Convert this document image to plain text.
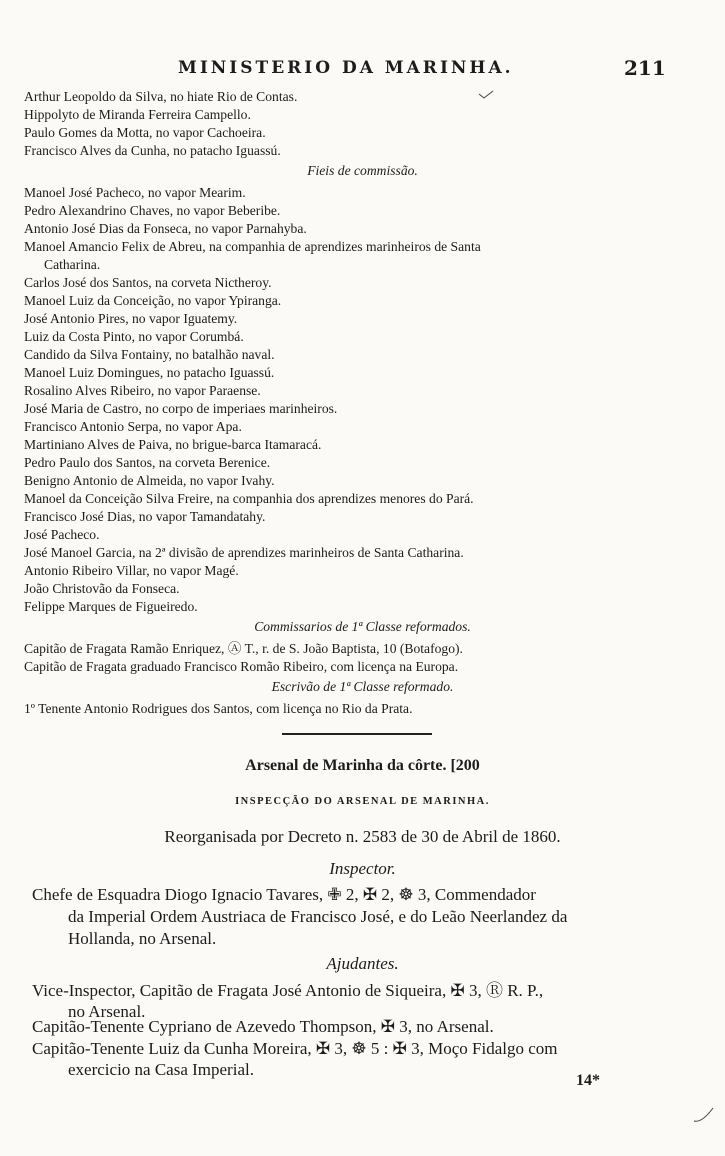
MINISTERIO DA MARINHA.	211
Arthur Leopoldo da Silva, no hiate Rio de Contas.
Hippolyto de Miranda Ferreira Campello.
Paulo Gomes da Motta, no vapor Cachoeira.
Francisco Alves da Cunha, no patacho Iguassú.
Fieis de commissão.
Manoel José Pacheco, no vapor Mearim.
Pedro Alexandrino Chaves, no vapor Beberibe.
Antonio José Dias da Fonseca, no vapor Parnahyba.
Manoel Amancio Felix de Abreu, na companhia de aprendizes marinheiros de Santa
Catharina.
Carlos José dos Santos, na corveta Nictheroy.
Manoel Luiz da Conceição, no vapor Ypiranga.
José Antonio Pires, no vapor Iguatemy.
Luiz da Costa Pinto, no vapor Corumbá.
Candido da Silva Fontainy, no batalhão naval.
Manoel Luiz Domingues, no patacho Iguassú.
Rosalino Alves Ribeiro, no vapor Paraense.
José Maria de Castro, no corpo de imperiaes marinheiros.
Francisco Antonio Serpa, no vapor Apa.
Martiniano Alves de Paiva, no brigue-barca Itamaracá.
Pedro Paulo dos Santos, na corveta Berenice.
Benigno Antonio de Almeida, no vapor Ivahy.
Manoel da Conceição Silva Freire, na companhia dos aprendizes menores do Pará.
Francisco José Dias, no vapor Tamandatahy.
José Pacheco.
José Manoel Garcia, na 2ª divisão de aprendizes marinheiros de Santa Catharina.
Antonio Ribeiro Villar, no vapor Magé.
João Christovão da Fonseca.
Felippe Marques de Figueiredo.
Commissarios de 1ª Classe reformados.
Capitão de Fragata Ramão Enriquez, Ⓐ T., r. de S. João Baptista, 10 (Botafogo).
Capitão de Fragata graduado Francisco Romão Ribeiro, com licença na Europa.
Escrivão de 1ª Classe reformado.
1º Tenente Antonio Rodrigues dos Santos, com licença no Rio da Prata.
Arsenal de Marinha da côrte. [200
INSPECÇÃO DO ARSENAL DE MARINHA.
Reorganisada por Decreto n. 2583 de 30 de Abril de 1860.
Inspector.
Chefe de Esquadra Diogo Ignacio Tavares, ✙ 2, ✠ 2, ☸ 3, Commendador
da Imperial Ordem Austriaca de Francisco José, e do Leão Neerlandez da
Hollanda, no Arsenal.
Ajudantes.
Vice-Inspector, Capitão de Fragata José Antonio de Siqueira, ✠ 3, Ⓡ R. P.,
no Arsenal.
Capitão-Tenente Cypriano de Azevedo Thompson, ✠ 3, no Arsenal.
Capitão-Tenente Luiz da Cunha Moreira, ✠ 3, ☸ 5 : ✠ 3, Moço Fidalgo com
exercicio na Casa Imperial.
14*
